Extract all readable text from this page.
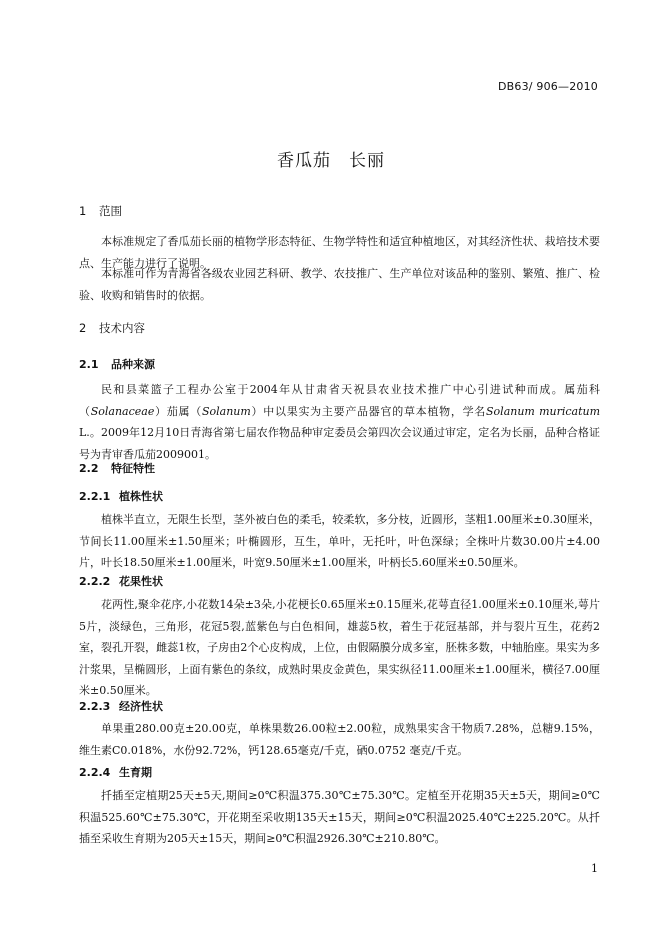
DB63/ 906—2010
香瓜茄　长丽
1 范围
本标准规定了香瓜茄长丽的植物学形态特征、生物学特性和适宜种植地区，对其经济性状、栽培技术要点、生产能力进行了说明。
本标准可作为青海省各级农业园艺科研、教学、农技推广、生产单位对该品种的鉴别、繁殖、推广、检验、收购和销售时的依据。
2 技术内容
2.1 品种来源
民和县菜篮子工程办公室于2004年从甘肃省天祝县农业技术推广中心引进试种而成。属茄科（Solanaceae）茄属（Solanum）中以果实为主要产品器官的草本植物，学名Solanum muricatum L.。2009年12月10日青海省第七届农作物品种审定委员会第四次会议通过审定，定名为长丽，品种合格证号为青审香瓜茄2009001。
2.2 特征特性
2.2.1 植株性状
植株半直立，无限生长型，茎外被白色的柔毛，较柔软，多分枝，近圆形，茎粗1.00厘米±0.30厘米，节间长11.00厘米±1.50厘米；叶椭圆形，互生，单叶，无托叶，叶色深绿；全株叶片数30.00片±4.00片，叶长18.50厘米±1.00厘米，叶宽9.50厘米±1.00厘米，叶柄长5.60厘米±0.50厘米。
2.2.2 花果性状
花两性,聚伞花序,小花数14朵±3朵,小花梗长0.65厘米±0.15厘米,花萼直径1.00厘米±0.10厘米,萼片5片，淡绿色，三角形，花冠5裂,蓝紫色与白色相间，雄蕊5枚，着生于花冠基部，并与裂片互生，花药2室，裂孔开裂，雌蕊1枚，子房由2个心皮构成，上位，由假隔膜分成多室，胚株多数，中轴胎座。果实为多汁浆果，呈椭圆形，上面有紫色的条纹，成熟时果皮金黄色，果实纵径11.00厘米±1.00厘米，横径7.00厘米±0.50厘米。
2.2.3 经济性状
单果重280.00克±20.00克，单株果数26.00粒±2.00粒，成熟果实含干物质7.28%，总糖9.15%，维生素C0.018%，水份92.72%，钙128.65毫克/千克，硒0.0752 毫克/千克。
2.2.4 生育期
扦插至定植期25天±5天,期间≥0℃积温375.30℃±75.30℃。定植至开花期35天±5天，期间≥0℃积温525.60℃±75.30℃，开花期至采收期135天±15天，期间≥0℃积温2025.40℃±225.20℃。从扦插至采收生育期为205天±15天，期间≥0℃积温2926.30℃±210.80℃。
1
